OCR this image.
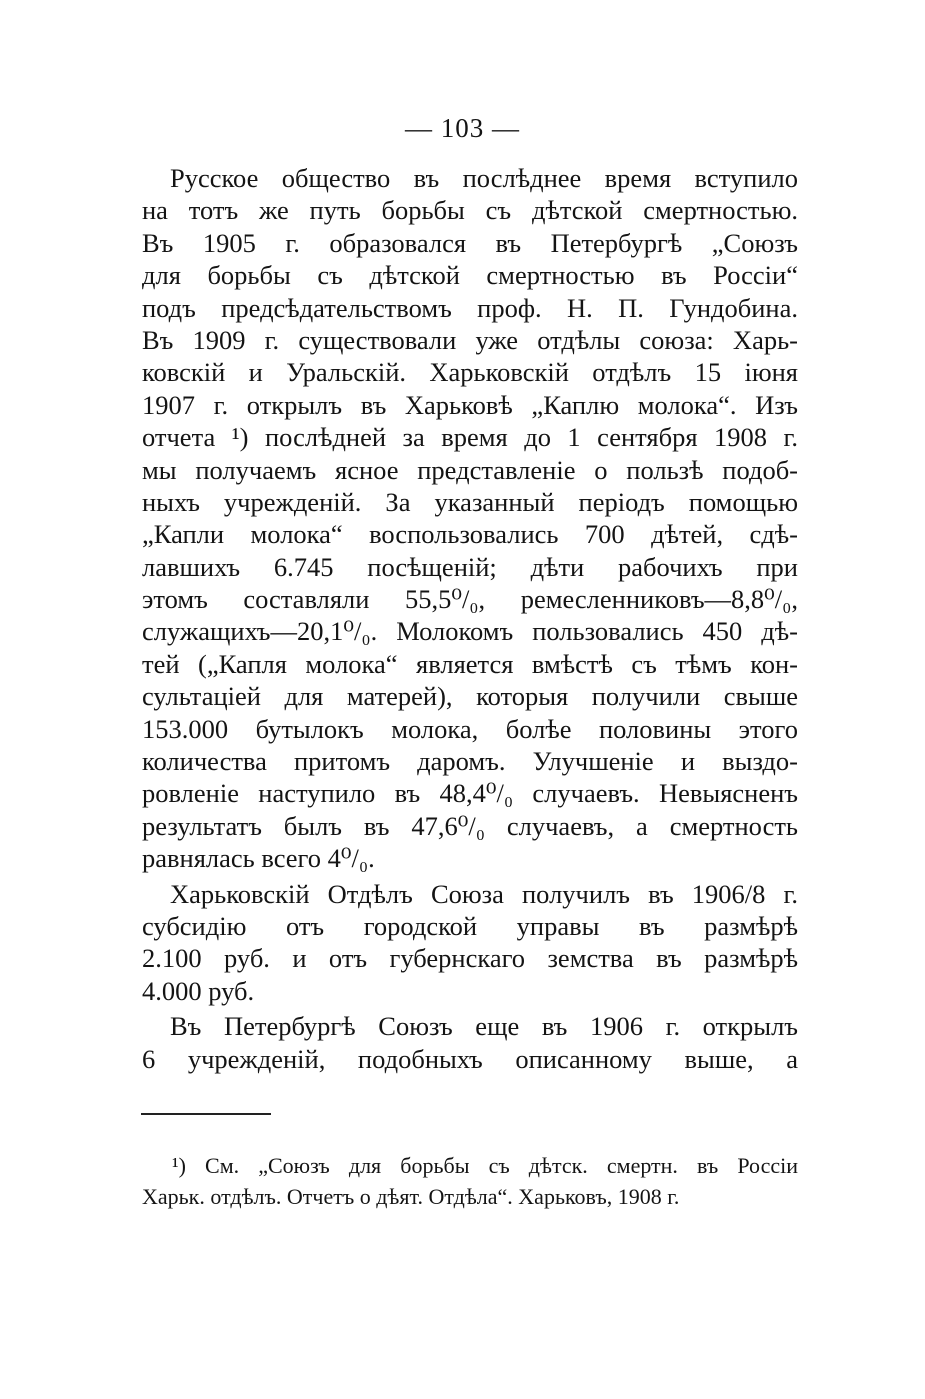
— 103 —
Русское общество въ послѣднее время вступило
на тотъ же путь борьбы съ дѣтской смертностью.
Въ 1905 г. образовался въ Петербургѣ „Союзъ
для борьбы съ дѣтской смертностью въ Россіи“
подъ предсѣдательствомъ проф. Н. П. Гундобина.
Въ 1909 г. существовали уже отдѣлы союза: Харь-
ковскій и Уральскій. Харьковскій отдѣлъ 15 іюня
1907 г. открылъ въ Харьковѣ „Каплю молока“. Изъ
отчета ¹) послѣдней за время до 1 сентября 1908 г.
мы получаемъ ясное представленіе о пользѣ подоб-
ныхъ учрежденій. За указанный періодъ помощью
„Капли молока“ воспользовались 700 дѣтей, сдѣ-
лавшихъ 6.745 посѣщеній; дѣти рабочихъ при
этомъ составляли 55,5⁰/₀, ремесленниковъ—8,8⁰/₀,
служащихъ—20,1⁰/₀. Молокомъ пользовались 450 дѣ-
тей („Капля молока“ является вмѣстѣ съ тѣмъ кон-
сультаціей для матерей), которыя получили свыше
153.000 бутылокъ молока, болѣе половины этого
количества притомъ даромъ. Улучшеніе и выздо-
ровленіе наступило въ 48,4⁰/₀ случаевъ. Невыясненъ
результатъ былъ въ 47,6⁰/₀ случаевъ, а смертность
равнялась всего 4⁰/₀.
Харьковскій Отдѣлъ Союза получилъ въ 1906/8 г.
субсидію отъ городской управы въ размѣрѣ
2.100 руб. и отъ губернскаго земства въ размѣрѣ
4.000 руб.
Въ Петербургѣ Союзъ еще въ 1906 г. открылъ
6 учрежденій, подобныхъ описанному выше, а
¹) См. „Союзъ для борьбы съ дѣтск. смертн. въ Россіи
Харьк. отдѣлъ. Отчетъ о дѣят. Отдѣла“. Харьковъ, 1908 г.
